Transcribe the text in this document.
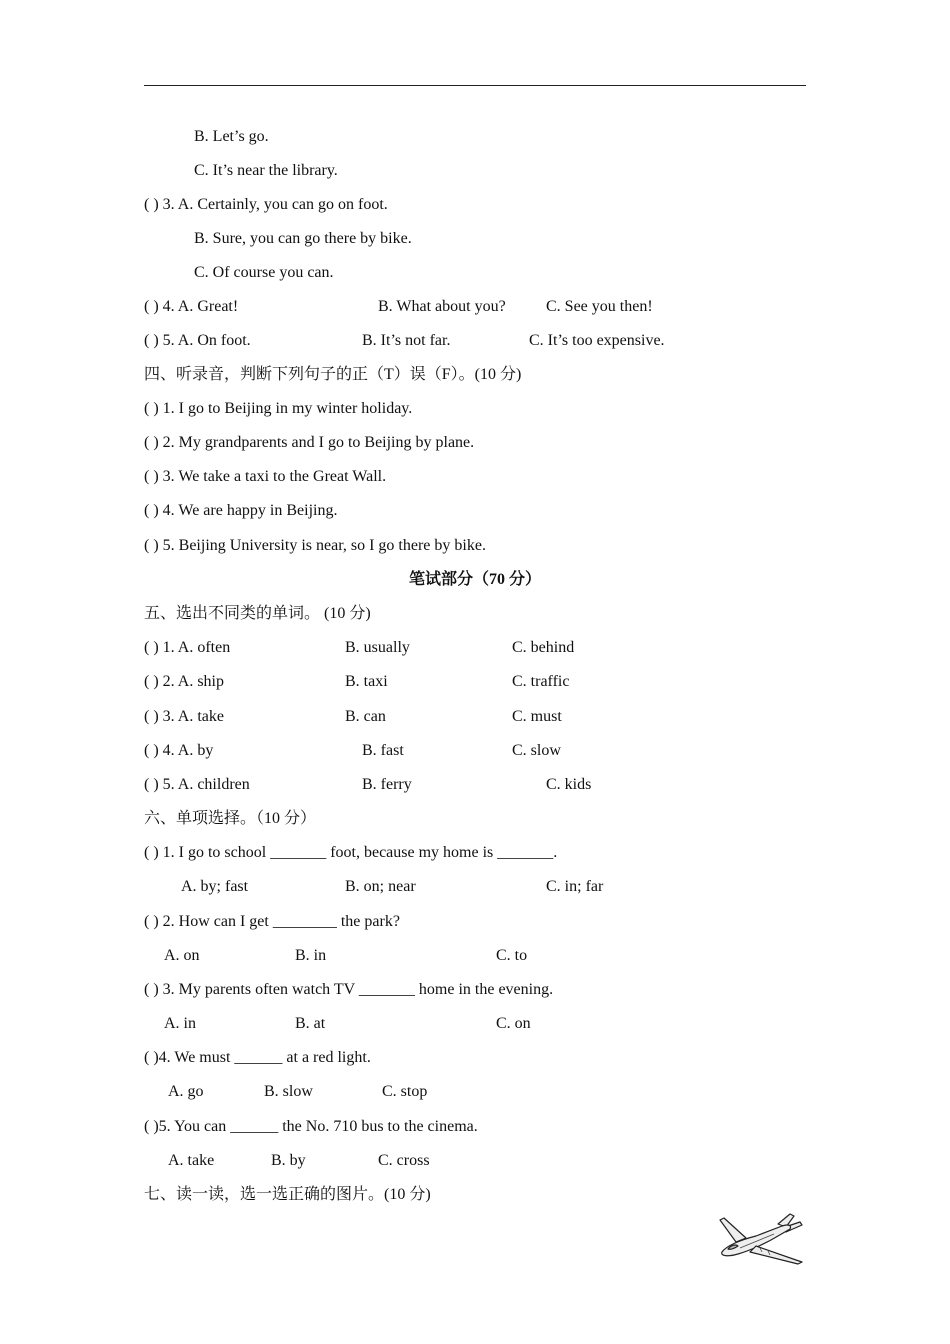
B. Let’s go.
C. It’s near the library.
( ) 3. A. Certainly, you can go on foot.
B. Sure, you can go there by bike.
C. Of course you can.
( ) 4. A. Great!	B. What about you?	C. See you then!
( ) 5. A. On foot.	B. It’s not far.	C. It’s too expensive.
四、听录音，判断下列句子的正（T）误（F）。(10 分)
( ) 1. I go to Beijing in my winter holiday.
( ) 2. My grandparents and I go to Beijing by plane.
( ) 3. We take a taxi to the Great Wall.
( ) 4. We are happy in Beijing.
( ) 5. Beijing University is near, so I go there by bike.
笔试部分（70 分）
五、选出不同类的单词。 (10 分)
( ) 1. A. often	B. usually	C. behind
( ) 2. A. ship	B. taxi	C. traffic
( ) 3. A. take	B. can	C. must
( ) 4. A. by	B. fast	C. slow
( ) 5. A. children	B. ferry	C. kids
六、单项选择。（10 分）
( ) 1. I go to school _______ foot, because my home is _______.
A. by; fast	B. on; near	C. in; far
( ) 2. How can I get ________ the park?
A. on	B. in	C. to
( ) 3. My parents often watch TV _______ home in the evening.
A. in	B. at	C. on
( )4. We must ______ at a red light.
A. go	B. slow	C. stop
( )5. You can ______ the No. 710 bus to the cinema.
A. take	B. by	C. cross
七、读一读，选一选正确的图片。(10 分)
